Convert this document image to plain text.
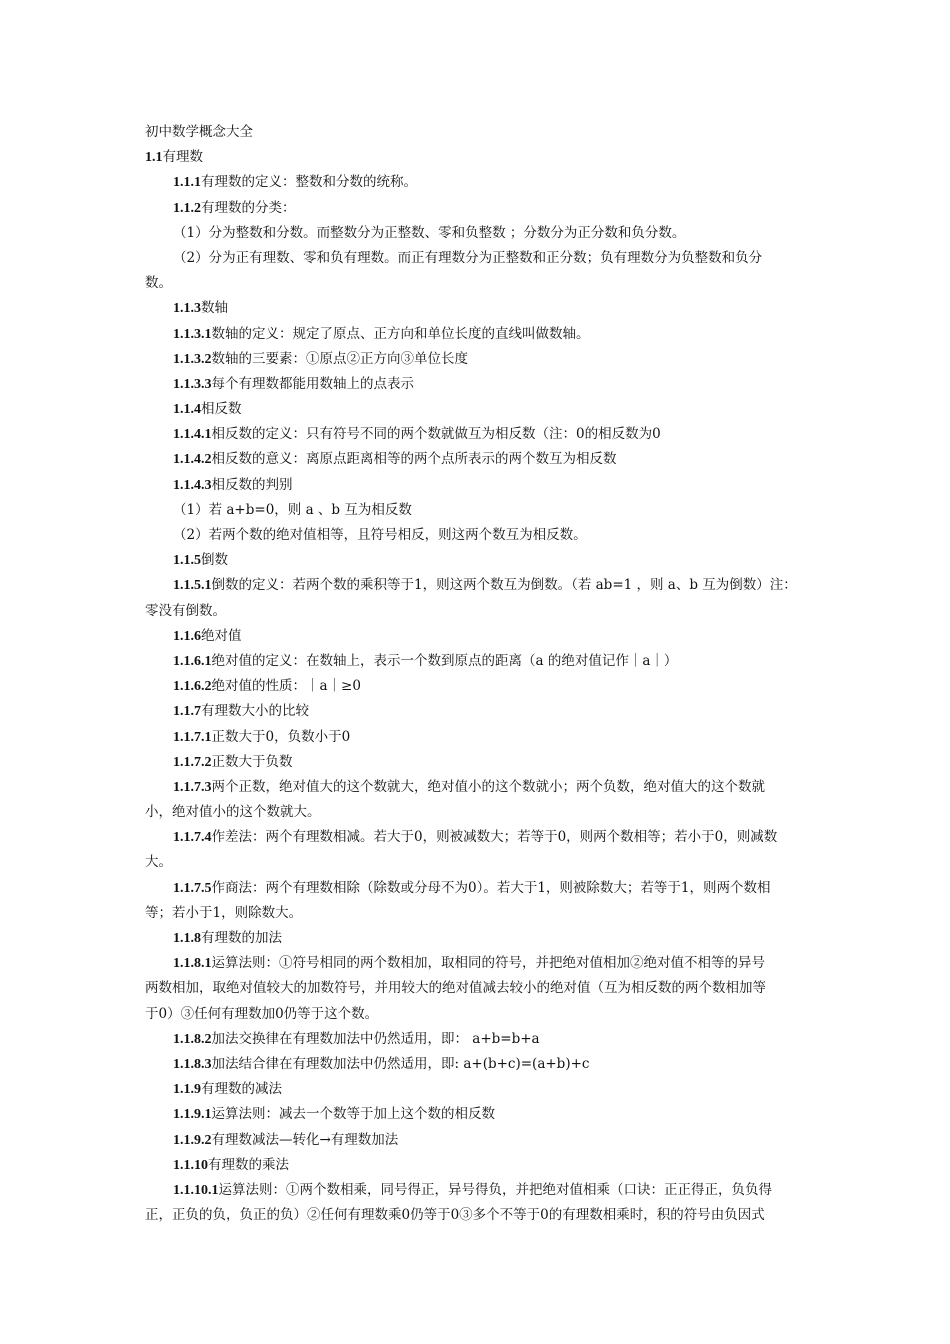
初中数学概念大全
1.1有理数
1.1.1有理数的定义：整数和分数的统称。
1.1.2有理数的分类：
（1）分为整数和分数。而整数分为正整数、零和负整数 ；分数分为正分数和负分数。
（2）分为正有理数、零和负有理数。而正有理数分为正整数和正分数；负有理数分为负整数和负分
数。
1.1.3数轴
1.1.3.1数轴的定义：规定了原点、正方向和单位长度的直线叫做数轴。
1.1.3.2数轴的三要素：①原点②正方向③单位长度
1.1.3.3每个有理数都能用数轴上的点表示
1.1.4相反数
1.1.4.1相反数的定义：只有符号不同的两个数就做互为相反数（注：0的相反数为0
1.1.4.2相反数的意义：离原点距离相等的两个点所表示的两个数互为相反数
1.1.4.3相反数的判别
（1）若 a+b=0，则 a 、b 互为相反数
（2）若两个数的绝对值相等，且符号相反，则这两个数互为相反数。
1.1.5倒数
1.1.5.1倒数的定义：若两个数的乘积等于1，则这两个数互为倒数。（若 ab=1 ，则 a、b 互为倒数）注：
零没有倒数。
1.1.6绝对值
1.1.6.1绝对值的定义：在数轴上，表示一个数到原点的距离（a 的绝对值记作｜a｜）
1.1.6.2绝对值的性质：｜a｜≥0
1.1.7有理数大小的比较
1.1.7.1正数大于0，负数小于0
1.1.7.2正数大于负数
1.1.7.3两个正数，绝对值大的这个数就大，绝对值小的这个数就小；两个负数，绝对值大的这个数就
小，绝对值小的这个数就大。
1.1.7.4作差法：两个有理数相减。若大于0，则被减数大；若等于0，则两个数相等；若小于0，则减数
大。
1.1.7.5作商法：两个有理数相除（除数或分母不为0）。若大于1，则被除数大；若等于1，则两个数相
等；若小于1，则除数大。
1.1.8有理数的加法
1.1.8.1运算法则：①符号相同的两个数相加，取相同的符号，并把绝对值相加②绝对值不相等的异号
两数相加，取绝对值较大的加数符号，并用较大的绝对值减去较小的绝对值（互为相反数的两个数相加等
于0）③任何有理数加0仍等于这个数。
1.1.8.2加法交换律在有理数加法中仍然适用，即： a+b=b+a
1.1.8.3加法结合律在有理数加法中仍然适用，即: a+(b+c)=(a+b)+c
1.1.9有理数的减法
1.1.9.1运算法则：减去一个数等于加上这个数的相反数
1.1.9.2有理数减法—转化→有理数加法
1.1.10有理数的乘法
1.1.10.1运算法则：①两个数相乘，同号得正，异号得负，并把绝对值相乘（口诀：正正得正，负负得
正，正负的负，负正的负）②任何有理数乘0仍等于0③多个不等于0的有理数相乘时，积的符号由负因式
